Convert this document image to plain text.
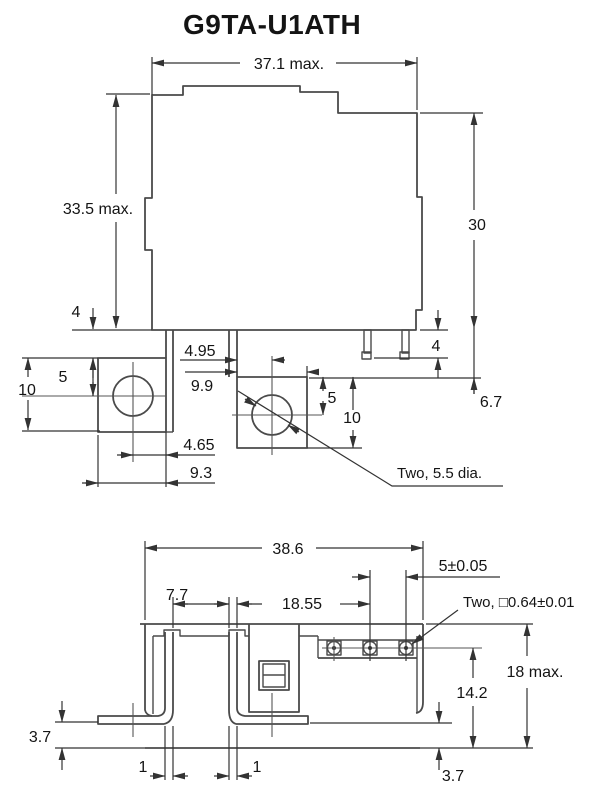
G9TA-U1ATH
37.1 max.
33.5 max.
4
5
10
4.95
9.9
4.65
9.3
5
10
30
4
6.7
Two, 5.5 dia.
38.6
5±0.05
7.7
18.55	Two, □0.64±0.01
18 max.
14.2
3.7
3.7
1	1
